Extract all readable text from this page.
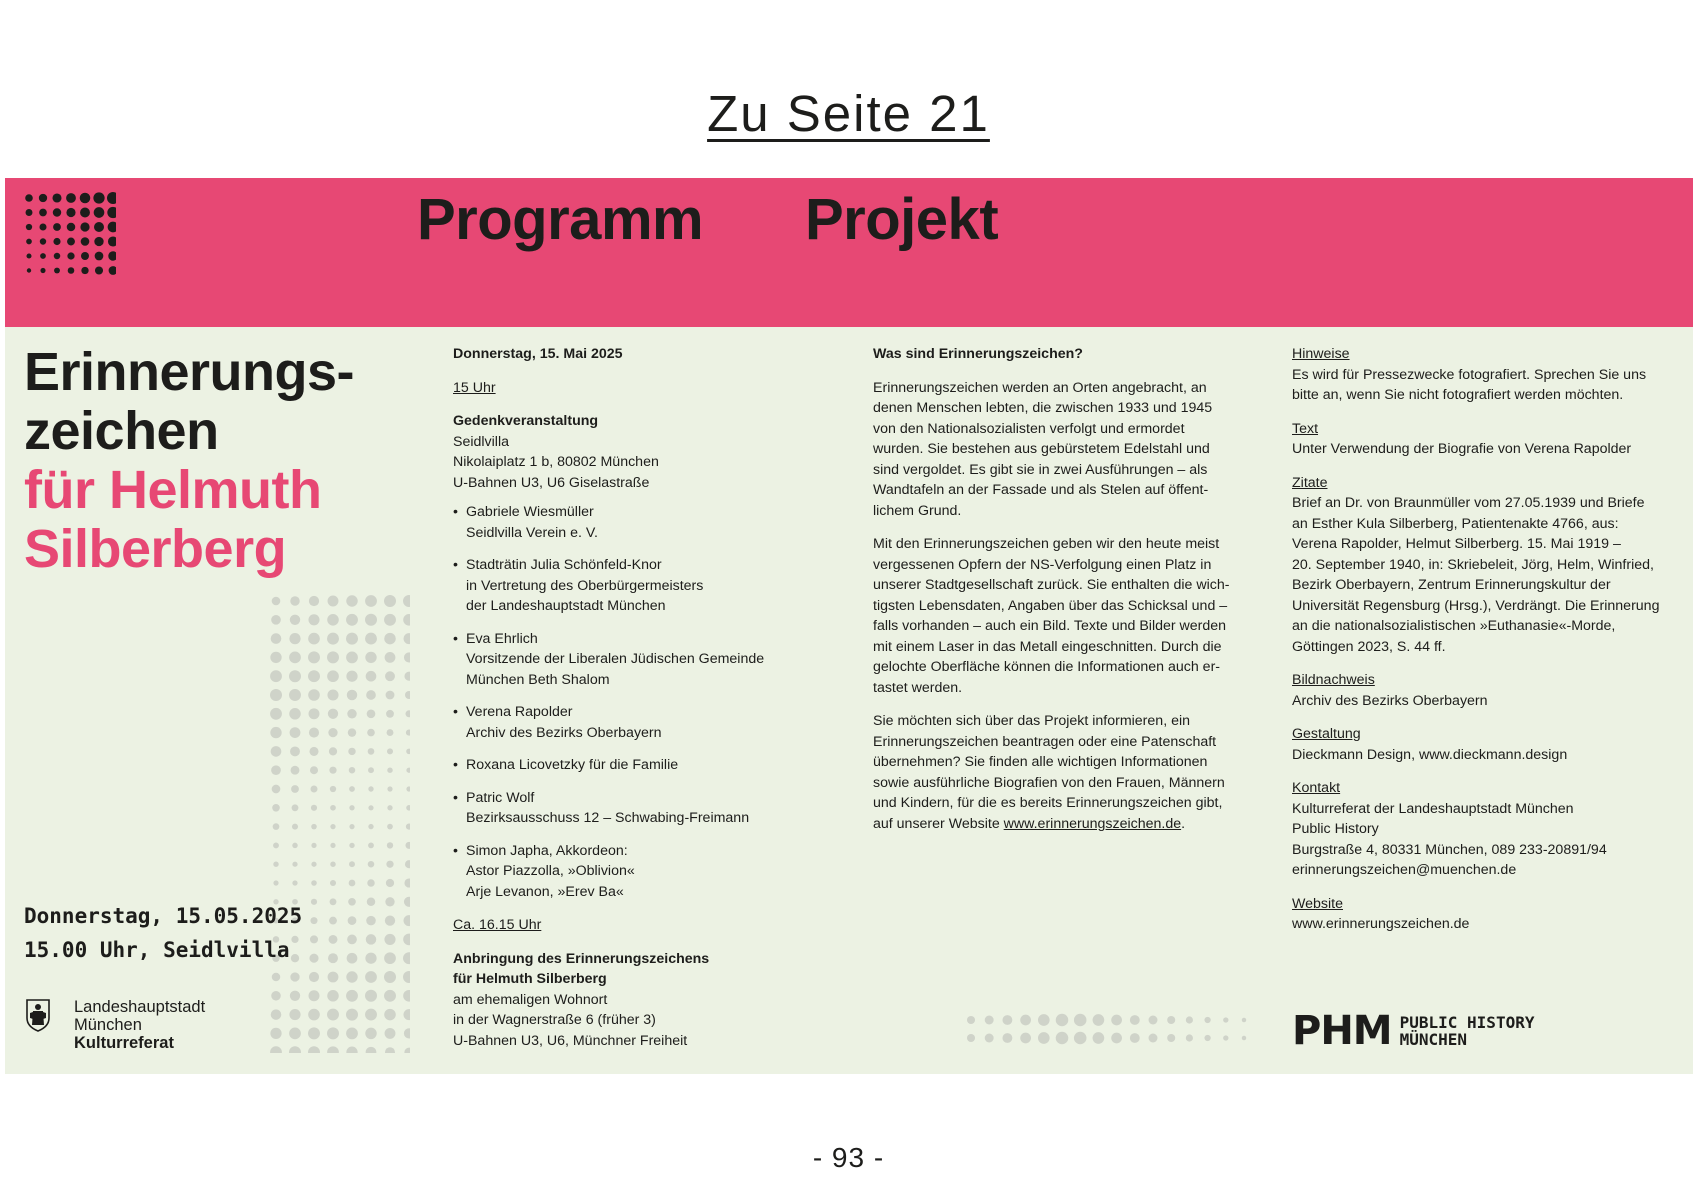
Zu Seite 21
Programm Projekt
Erinnerungs-
zeichen
für Helmuth
Silberberg
Donnerstag, 15.05.2025
15.00 Uhr, Seidlvilla
Landeshauptstadt
München
Kulturreferat

Donnerstag, 15. Mai 2025

15 Uhr

Gedenkveranstaltung

Seidlvilla

Nikolaiplatz 1 b, 80802 München

U-Bahnen U3, U6 Giselastraße

• Gabriele Wiesmüller
Seidlvilla Verein e. V.
• Stadträtin Julia Schönfeld-Knor
in Vertretung des Oberbürgermeisters
der Landeshauptstadt München
• Eva Ehrlich
Vorsitzende der Liberalen Jüdischen Gemeinde
München Beth Shalom
• Verena Rapolder
Archiv des Bezirks Oberbayern
• Roxana Licovetzky für die Familie
• Patric Wolf
Bezirksausschuss 12 – Schwabing-Freimann
• Simon Japha, Akkordeon:
Astor Piazzolla, »Oblivion«
Arje Levanon, »Erev Ba«

Ca. 16.15 Uhr

Anbringung des Erinnerungszeichens

für Helmuth Silberberg

am ehemaligen Wohnort

in der Wagnerstraße 6 (früher 3)

U-Bahnen U3, U6, Münchner Freiheit

Was sind Erinnerungszeichen?

Erinnerungszeichen werden an Orten angebracht, an

denen Menschen lebten, die zwischen 1933 und 1945

von den Nationalsozialisten verfolgt und ermordet

wurden. Sie bestehen aus gebürstetem Edelstahl und

sind vergoldet. Es gibt sie in zwei Ausführungen – als

Wandtafeln an der Fassade und als Stelen auf öffent-

lichem Grund.

Mit den Erinnerungszeichen geben wir den heute meist

vergessenen Opfern der NS-Verfolgung einen Platz in

unserer Stadtgesellschaft zurück. Sie enthalten die wich-

tigsten Lebensdaten, Angaben über das Schicksal und –

falls vorhanden – auch ein Bild. Texte und Bilder werden

mit einem Laser in das Metall eingeschnitten. Durch die

gelochte Oberfläche können die Informationen auch er-

tastet werden.

Sie möchten sich über das Projekt informieren, ein

Erinnerungszeichen beantragen oder eine Patenschaft

übernehmen? Sie finden alle wichtigen Informationen

sowie ausführliche Biografien von den Frauen, Männern

und Kindern, für die es bereits Erinnerungszeichen gibt,

auf unserer Website www.erinnerungszeichen.de.

Hinweise

Es wird für Pressezwecke fotografiert. Sprechen Sie uns

bitte an, wenn Sie nicht fotografiert werden möchten.

Text

Unter Verwendung der Biografie von Verena Rapolder

Zitate

Brief an Dr. von Braunmüller vom 27.05.1939 und Briefe

an Esther Kula Silberberg, Patientenakte 4766, aus:

Verena Rapolder, Helmut Silberberg. 15. Mai 1919 –

20. September 1940, in: Skriebeleit, Jörg, Helm, Winfried,

Bezirk Oberbayern, Zentrum Erinnerungskultur der

Universität Regensburg (Hrsg.), Verdrängt. Die Erinnerung

an die nationalsozialistischen »Euthanasie«-Morde,

Göttingen 2023, S. 44 ff.

Bildnachweis

Archiv des Bezirks Oberbayern

Gestaltung

Dieckmann Design, www.dieckmann.design

Kontakt

Kulturreferat der Landeshauptstadt München

Public History

Burgstraße 4, 80331 München, 089 233-20891/94

erinnerungszeichen@muenchen.de

Website

www.erinnerungszeichen.de

PHM PUBLIC HISTORY
MÜNCHEN
- 93 -
